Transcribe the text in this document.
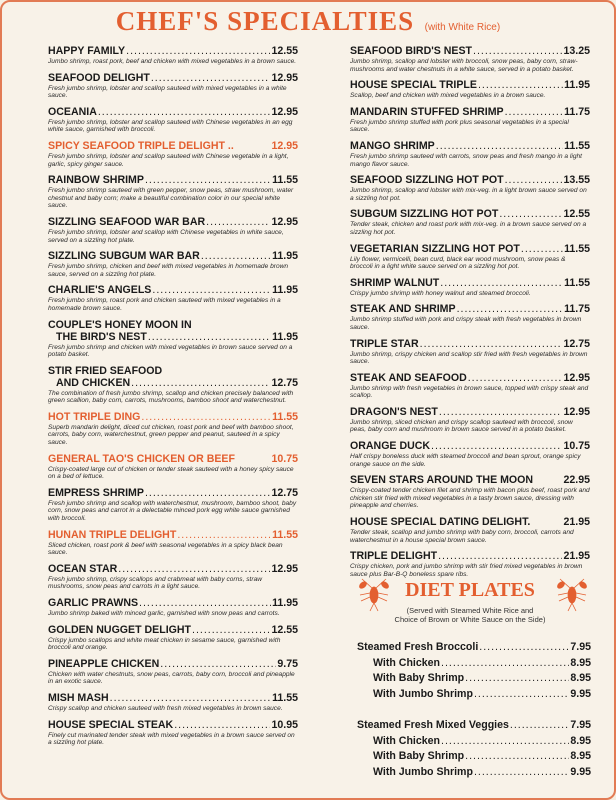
CHEF'S SPECIALTIES (with White Rice)
HAPPY FAMILY .....	12.55
Jumbo shrimp, roast pork, beef and chicken with mixed vegetables in a brown sauce.
SEAFOOD DELIGHT .....	12.95
Fresh jumbo shrimp, lobster and scallop sauteed with mixed vegetables in a white sauce.
OCEANIA .....	12.95
Fresh jumbo shrimp, lobster and scallop sauteed with Chinese vegetables in an egg white sauce, garnished with broccoli.
SPICY SEAFOOD TRIPLE DELIGHT ..	12.95
Fresh jumbo shrimp, lobster and scallop sauteed with Chinese vegetable in a light, garlic, spicy ginger sauce.
RAINBOW SHRIMP .....	11.55
Fresh jumbo shrimp sauteed with green pepper, snow peas, straw mushroom, water chestnut and baby corn; make a beautiful combination color in our special white sauce.
SIZZLING SEAFOOD WAR BAR .....	12.95
Fresh jumbo shrimp, lobster and scallop with Chinese vegetables in white sauce, served on a sizzling hot plate.
SIZZLING SUBGUM WAR BAR .....	11.95
Fresh jumbo shrimp, chicken and beef with mixed vegetables in homemade brown sauce, served on a sizzling hot plate.
CHARLIE'S ANGELS .....	11.95
Fresh jumbo shrimp, roast pork and chicken sauteed with mixed vegetables in a homemade brown sauce.
COUPLE'S HONEY MOON IN
THE BIRD'S NEST .....	11.95
Fresh jumbo shrimp and chicken with mixed vegetables in brown sauce served on a potato basket.
STIR FRIED SEAFOOD
AND CHICKEN .....	12.75
The combination of fresh jumbo shrimp, scallop and chicken precisely balanced with green scallion, baby corn, carrots, mushrooms, bamboo shoot and waterchestnut.
HOT TRIPLE DING .....	11.55
Superb mandarin delight, diced cut chicken, roast pork and beef with bamboo shoot, carrots, baby corn, waterchestnut, green pepper and peanut, sauteed in a spicy sauce.
GENERAL TAO'S CHICKEN OR BEEF	10.75
Crispy-coated large cut of chicken or tender steak sauteed with a honey spicy sauce on a bed of lettuce.
EMPRESS SHRIMP .....	12.75
Fresh jumbo shrimp and scallop with waterchestnut, mushroom, bamboo shoot, baby corn, snow peas and carrot in a delectable minced pork egg white sauce garnished with broccoli.
HUNAN TRIPLE DELIGHT .....	11.55
Sliced chicken, roast pork & beef with seasonal vegetables in a spicy black bean sauce.
OCEAN STAR .....	12.95
Fresh jumbo shrimp, crispy scallops and crabmeat with baby corns, straw mushrooms, snow peas and carrots in a light sauce.
GARLIC PRAWNS .....	11.95
Jumbo shrimp baked with minced garlic, garnished with snow peas and carrots.
GOLDEN NUGGET DELIGHT .....	12.55
Crispy jumbo scallops and white meat chicken in sesame sauce, garnished with broccoli and orange.
PINEAPPLE CHICKEN .....	9.75
Chicken with water chestnuts, snow peas, carrots, baby corn, broccoli and pineapple in an exotic sauce.
MISH MASH .....	11.55
Crispy scallop and chicken sauteed with fresh mixed vegetables in brown sauce.
HOUSE SPECIAL STEAK .....	10.95
Finely cut marinated tender steak with mixed vegetables in a brown sauce served on a sizzling hot plate.
SEAFOOD BIRD'S NEST .....	13.25
Jumbo shrimp, scallop and lobster with broccoli, snow peas, baby corn, straw-mushrooms and water chestnuts in a white sauce, served in a potato basket.
HOUSE SPECIAL TRIPLE .....	11.95
Scallop, beef and chicken with mixed vegetables in a brown sauce.
MANDARIN STUFFED SHRIMP .....	11.75
Fresh jumbo shrimp stuffed with pork plus seasonal vegetables in a special sauce.
MANGO SHRIMP .....	11.55
Fresh jumbo shrimp sauteed with carrots, snow peas and fresh mango in a light mango flavor sauce.
SEAFOOD SIZZLING HOT POT .....	13.55
Jumbo shrimp, scallop and lobster with mix-veg. in a light brown sauce served on a sizzling hot pot.
SUBGUM SIZZLING HOT POT .....	12.55
Tender steak, chicken and roast pork with mix-veg. in a brown sauce served on a sizzling hot pot.
VEGETARIAN SIZZLING HOT POT .....	11.55
Lily flower, vermicelli, bean curd, black ear wood mushroom, snow peas & broccoli in a light white sauce served on a sizzling hot pot.
SHRIMP WALNUT .....	11.55
Crispy jumbo shrimp with honey walnut and steamed broccoli.
STEAK AND SHRIMP .....	11.75
Jumbo shrimp stuffed with pork and crispy steak with fresh vegetables in brown sauce.
TRIPLE STAR .....	12.75
Jumbo shrimp, crispy chicken and scallop stir fried with fresh vegetables in brown sauce.
STEAK AND SEAFOOD .....	12.95
Jumbo shrimp with fresh vegetables in brown sauce, topped with crispy steak and scallop.
DRAGON'S NEST .....	12.95
Jumbo shrimp, sliced chicken and crispy scallop sauteed with broccoli, snow peas, baby corn and mushroom in brown sauce served in a potato basket.
ORANGE DUCK .....	10.75
Half crispy boneless duck with steamed broccoli and bean sprout, orange spicy orange sauce on the side.
SEVEN STARS AROUND THE MOON	22.95
Crispy-coated tender chicken filet and shrimp with bacon plus beef, roast pork and chicken stir fried with mixed vegetables in a tasty brown sauce, dressing with pineapple and cherries.
HOUSE SPECIAL DATING DELIGHT.	21.95
Tender steak, scallop and jumbo shrimp with baby corn, broccoli, carrots and waterchestnut in a house special brown sauce.
TRIPLE DELIGHT .....	21.95
Crispy chicken, pork and jumbo shrimp with stir fried mixed vegetables in brown sauce plus Bar-B-Q boneless spare ribs.
DIET PLATES
(Served with Steamed White Rice and
Choice of Brown or White Sauce on the Side)
Steamed Fresh Broccoli .....	7.95
With Chicken .....	8.95
With Baby Shrimp .....	8.95
With Jumbo Shrimp .....	9.95
Steamed Fresh Mixed Veggies .....	7.95
With Chicken .....	8.95
With Baby Shrimp .....	8.95
With Jumbo Shrimp .....	9.95
